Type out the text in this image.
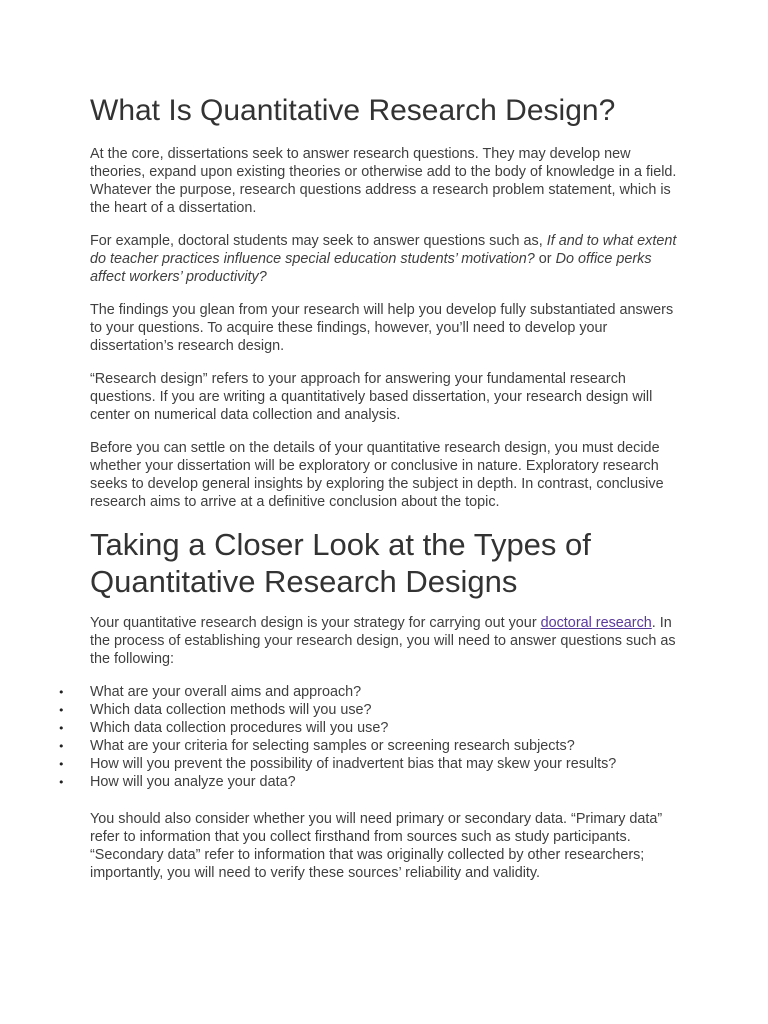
What Is Quantitative Research Design?

At the core, dissertations seek to answer research questions. They may develop new theories, expand upon existing theories or otherwise add to the body of knowledge in a field. Whatever the purpose, research questions address a research problem statement, which is the heart of a dissertation.

For example, doctoral students may seek to answer questions such as, If and to what extent do teacher practices influence special education students’ motivation? or Do office perks affect workers’ productivity?

The findings you glean from your research will help you develop fully substantiated answers to your questions. To acquire these findings, however, you’ll need to develop your dissertation’s research design.

“Research design” refers to your approach for answering your fundamental research questions. If you are writing a quantitatively based dissertation, your research design will center on numerical data collection and analysis.

Before you can settle on the details of your quantitative research design, you must decide whether your dissertation will be exploratory or conclusive in nature. Exploratory research seeks to develop general insights by exploring the subject in depth. In contrast, conclusive research aims to arrive at a definitive conclusion about the topic.

Taking a Closer Look at the Types of Quantitative Research Designs

Your quantitative research design is your strategy for carrying out your doctoral research. In the process of establishing your research design, you will need to answer questions such as the following:

•
What are your overall aims and approach?
•
Which data collection methods will you use?
•
Which data collection procedures will you use?
•
What are your criteria for selecting samples or screening research subjects?
•
How will you prevent the possibility of inadvertent bias that may skew your results?
•
How will you analyze your data?

You should also consider whether you will need primary or secondary data. “Primary data” refer to information that you collect firsthand from sources such as study participants. “Secondary data” refer to information that was originally collected by other researchers; importantly, you will need to verify these sources’ reliability and validity.
